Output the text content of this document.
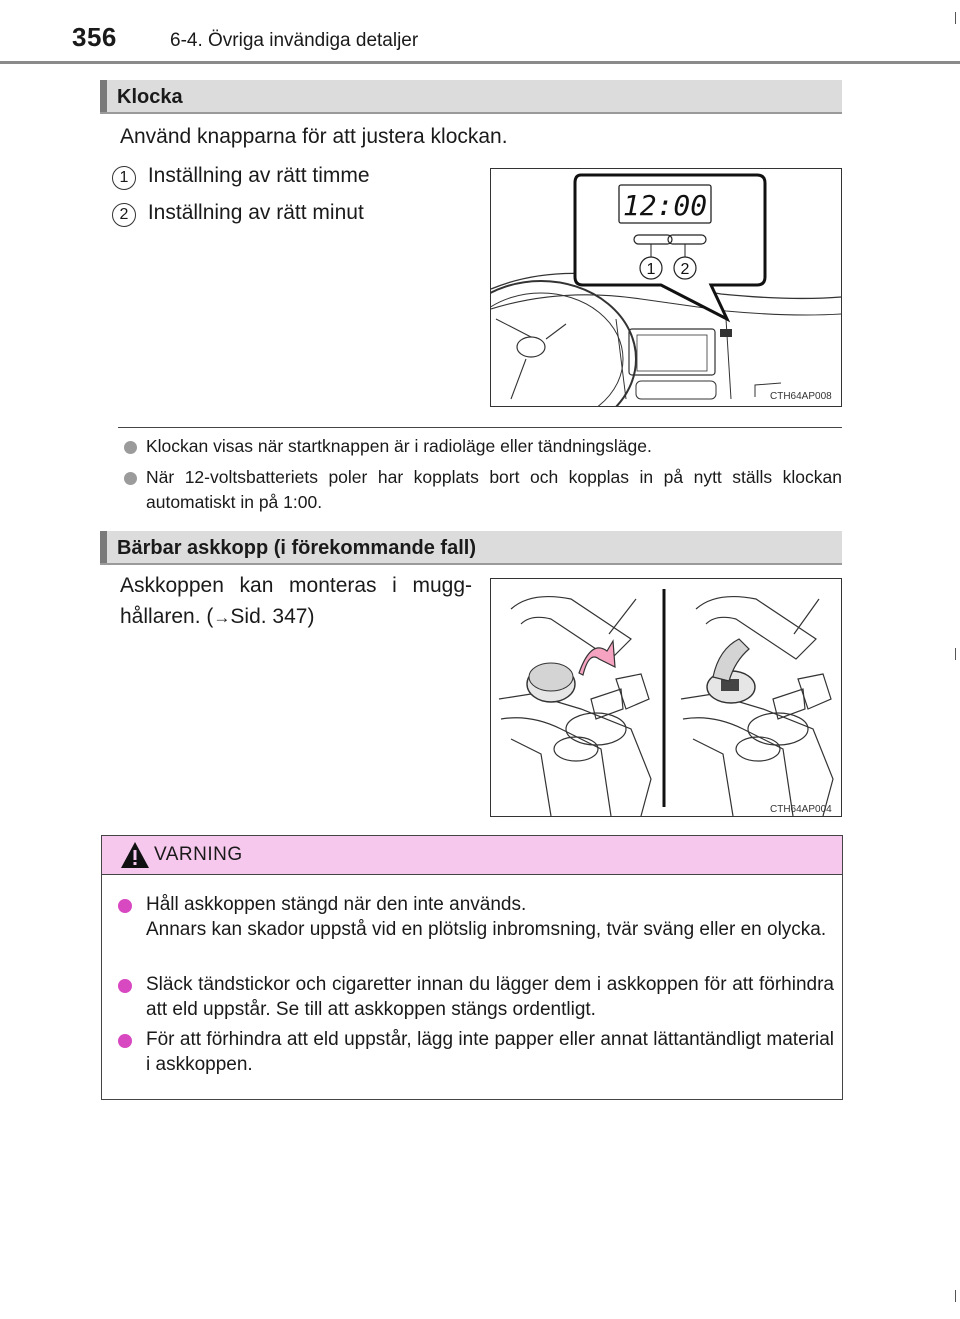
356	6-4. Övriga invändiga detaljer
Klocka
Använd knapparna för att justera klockan.
1 Inställning av rätt timme
2 Inställning av rätt minut	12:00
1 2
CTH64AP008
Klockan visas när startknappen är i radioläge eller tändningsläge.
När 12-voltsbatteriets poler har kopplats bort och kopplas in på nytt ställs klockan automatiskt in på 1:00.
Bärbar askkopp (i förekommande fall)
Askkoppen kan monteras i mugg-
hållaren. (→Sid. 347)
CTH64AP004
VARNING
Håll askkoppen stängd när den inte används.
Annars kan skador uppstå vid en plötslig inbromsning, tvär sväng eller en olycka.
Släck tändstickor och cigaretter innan du lägger dem i askkoppen för att förhindra att eld uppstår. Se till att askkoppen stängs ordentligt.
För att förhindra att eld uppstår, lägg inte papper eller annat lättantändligt material i askkoppen.
